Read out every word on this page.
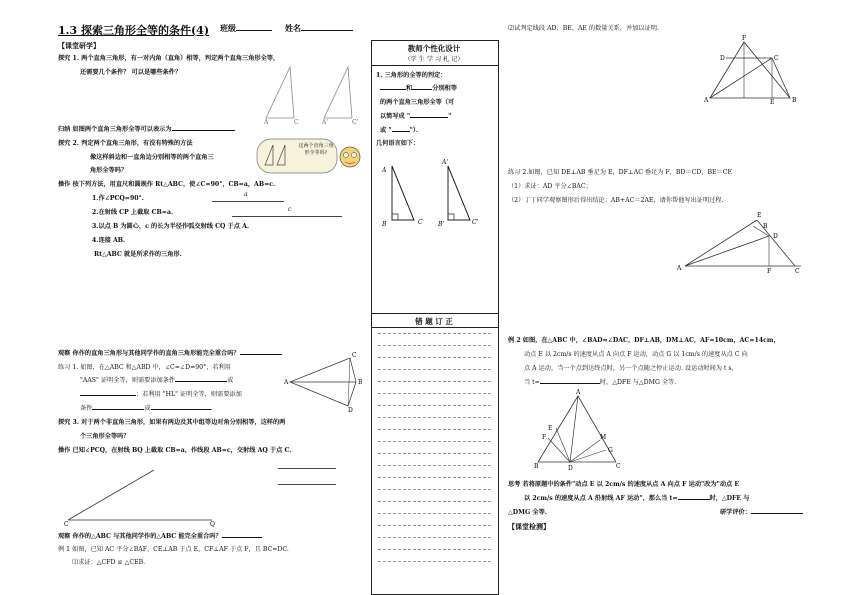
1.3 探索三角形全等的条件(4) 班级	姓名
【课堂研学】
探究 1. 两个直角三角形，有一对内角（直角）相等，判定两个直角三角形全等，
还需要几个条件？ 可以是哪些条件？
A	C	A'	C'
归纳 如图两个直角三角形全等可以表示为	.
探究 2. 判定两个直角三角形，有没有特殊的方法
像这样斜边和一直角边分别相等的两个直角三
角形全等吗？
这两个直角三角形全等吗?
操作 按下列方法，用直尺和圆规作 Rt△ABC，使∠C=90°，CB=a，AB=c.
1.作∠PCQ=90°.
2.在射线 CP 上截取 CB=a.
3.以点 B 为圆心，c 的长为半径作弧交射线 CQ 于点 A.
4.连接 AB.
Rt△ABC 就是所求作的三角形.
a
c
观察 你作的直角三角形与其他同学作的直角三角形能完全重合吗？
练习 1. 如图，在△ABC 和△ABD 中，∠C=∠D=90°，若利用
"AAS" 证明全等，则需要添加条件	或
；若利用 "HL" 证明全等，则需要添加
条件	或	.
A
C
B
D
探究 3. 对于两个非直角三角形，如果有两边及其中组等边对角分别相等，这样的两
个三角形全等吗？
操作 已知∠PCQ，在射线 BQ 上截取 CB=a，作线段 AB=c，交射线 AQ 于点 C.
C	Q
观察 你作的△ABC 与其他同学作的△ABC 能完全重合吗？
例 1 如图，已知 AC 平分∠BAF，CE⊥AB 于点 E，CF⊥AF 于点 F，且 BC=DC.
⑴求证：△CFD ≌ △CEB.
教师个性化设计
（学 生 学 习 札 记）
1. 三角形的全等的判定：
和	分别相等
的两个直角三角形全等（可
以简写成 "	"
或 "	"）．
几何语言如下：
A
B	C
A'
B'	C'
错 题 订 正
⑵试判定线段 AD、BE、AE 的数量关系，并加以证明.
F
D	C
A	E	B
练习 2.如图，已知 DE⊥AB 垂足为 E，DF⊥AC 垂足为 F，BD＝CD，BE＝CF.
（1）求证：AD 平分∠BAC；
（2）丁丁同学观察图形后得出结论：AB+AC＝2AE，请你帮他写出证明过程.
A
E
B
D
F	C
例 2 如图，在△ABC 中，∠BAD=∠DAC，DF⊥AB，DM⊥AC，AF=10cm，AC=14cm，
动点 E 以 2cm/s 的速度从点 A 向点 F 运动，动点 G 以 1cm/s 的速度从点 C 向
点 A 运动，当一个点到达终点时，另一个点随之停止运动. 设运动时间为 t s，
当 t=	时，△DFE 与△DMG 全等.
A
F
E
M
G
B	D	C
思考 若将原题中的条件"动点 E 以 2cm/s 的速度从点 A 向点 F 运动"改为"动点 E
以 2cm/s 的速度从点 A 沿射线 AF 运动"，那么当 t=	时，△DFE 与
△DMG 全等.	研学评价：
【课堂检测】
